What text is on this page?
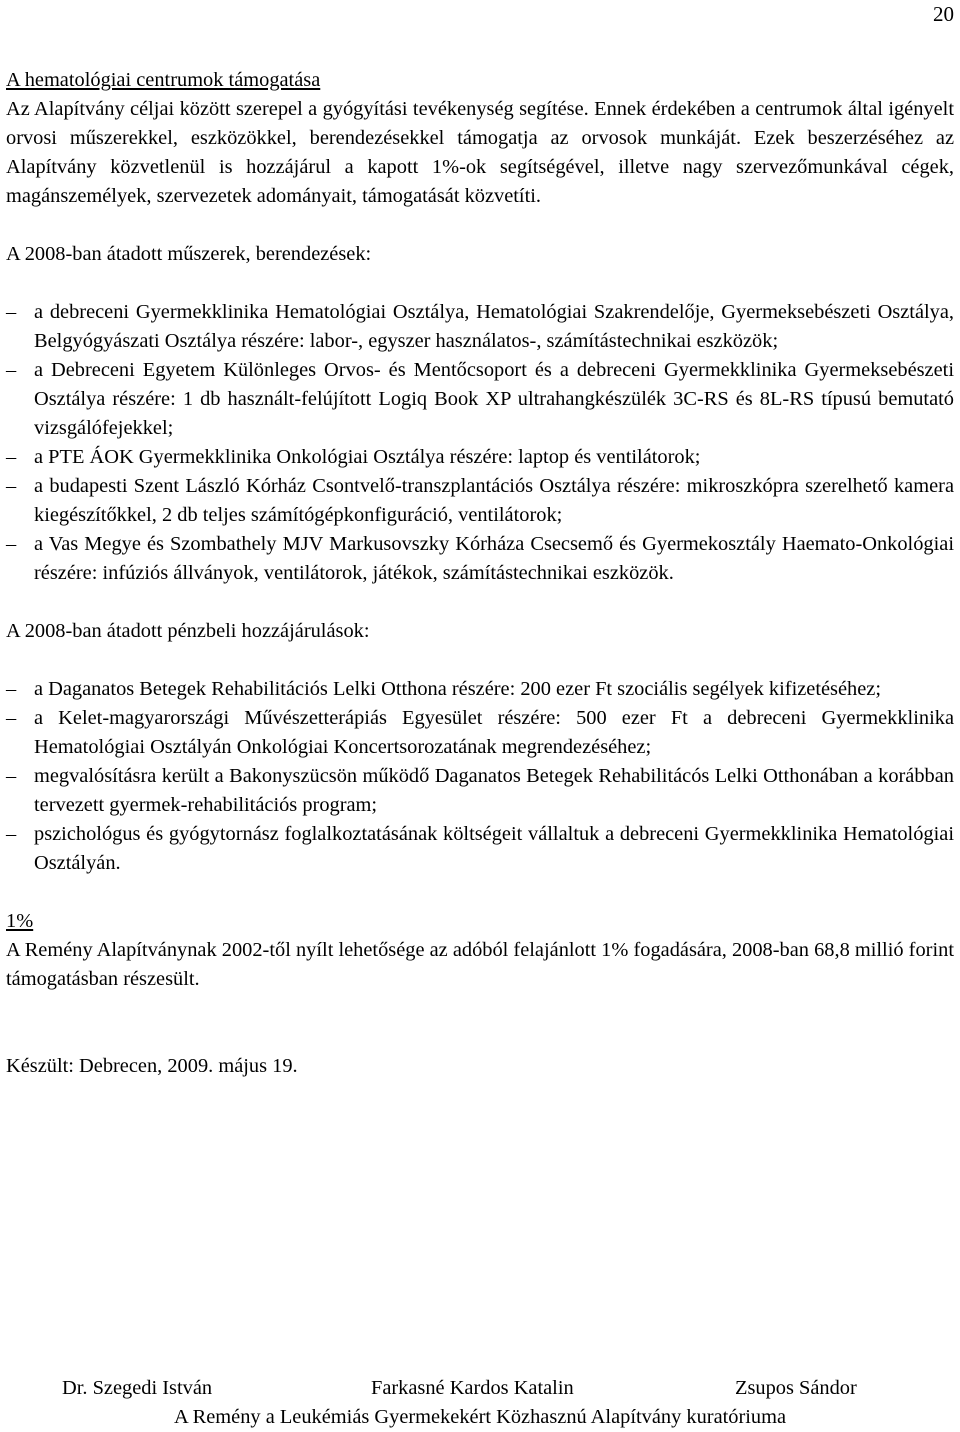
20
A hematológiai centrumok támogatása

Az Alapítvány céljai között szerepel a gyógyítási tevékenység segítése. Ennek érdekében a centrumok által igényelt orvosi műszerekkel, eszközökkel, berendezésekkel támogatja az orvosok munkáját. Ezek beszerzéséhez az Alapítvány közvetlenül is hozzájárul a kapott 1%-ok segítségével, illetve nagy szervezőmunkával cégek, magánszemélyek, szervezetek adományait, támogatását közvetíti.

A 2008-ban átadott műszerek, berendezések:
– a debreceni Gyermekklinika Hematológiai Osztálya, Hematológiai Szakrendelője, Gyermeksebészeti Osztálya, Belgyógyászati Osztálya részére: labor-, egyszer használatos-, számítástechnikai eszközök;
– a Debreceni Egyetem Különleges Orvos- és Mentőcsoport és a debreceni Gyermekklinika Gyermeksebészeti Osztálya részére: 1 db használt-felújított Logiq Book XP ultrahangkészülék 3C-RS és 8L-RS típusú bemutató vizsgálófejekkel;
– a PTE ÁOK Gyermekklinika Onkológiai Osztálya részére: laptop és ventilátorok;
– a budapesti Szent László Kórház Csontvelő-transzplantációs Osztálya részére: mikroszkópra szerelhető kamera kiegészítőkkel, 2 db teljes számítógépkonfiguráció, ventilátorok;
– a Vas Megye és Szombathely MJV Markusovszky Kórháza Csecsemő és Gyermekosztály Haemato-Onkológiai részére: infúziós állványok, ventilátorok, játékok, számítástechnikai eszközök.
A 2008-ban átadott pénzbeli hozzájárulások:
– a Daganatos Betegek Rehabilitációs Lelki Otthona részére: 200 ezer Ft szociális segélyek kifizetéséhez;
– a Kelet-magyarországi Művészetterápiás Egyesület részére: 500 ezer Ft a debreceni Gyermekklinika Hematológiai Osztályán Onkológiai Koncertsorozatának megrendezéséhez;
– megvalósításra került a Bakonyszücsön működő Daganatos Betegek Rehabilitácós Lelki Otthonában a korábban tervezett gyermek-rehabilitációs program;
– pszichológus és gyógytornász foglalkoztatásának költségeit vállaltuk a debreceni Gyermekklinika Hematológiai Osztályán.
1%

A Remény Alapítványnak 2002-től nyílt lehetősége az adóból felajánlott 1% fogadására, 2008-ban 68,8 millió forint támogatásban részesült.

Készült: Debrecen, 2009. május 19.
Dr. Szegedi István	Farkasné Kardos Katalin	Zsupos Sándor
A Remény a Leukémiás Gyermekekért Közhasznú Alapítvány kuratóriuma
